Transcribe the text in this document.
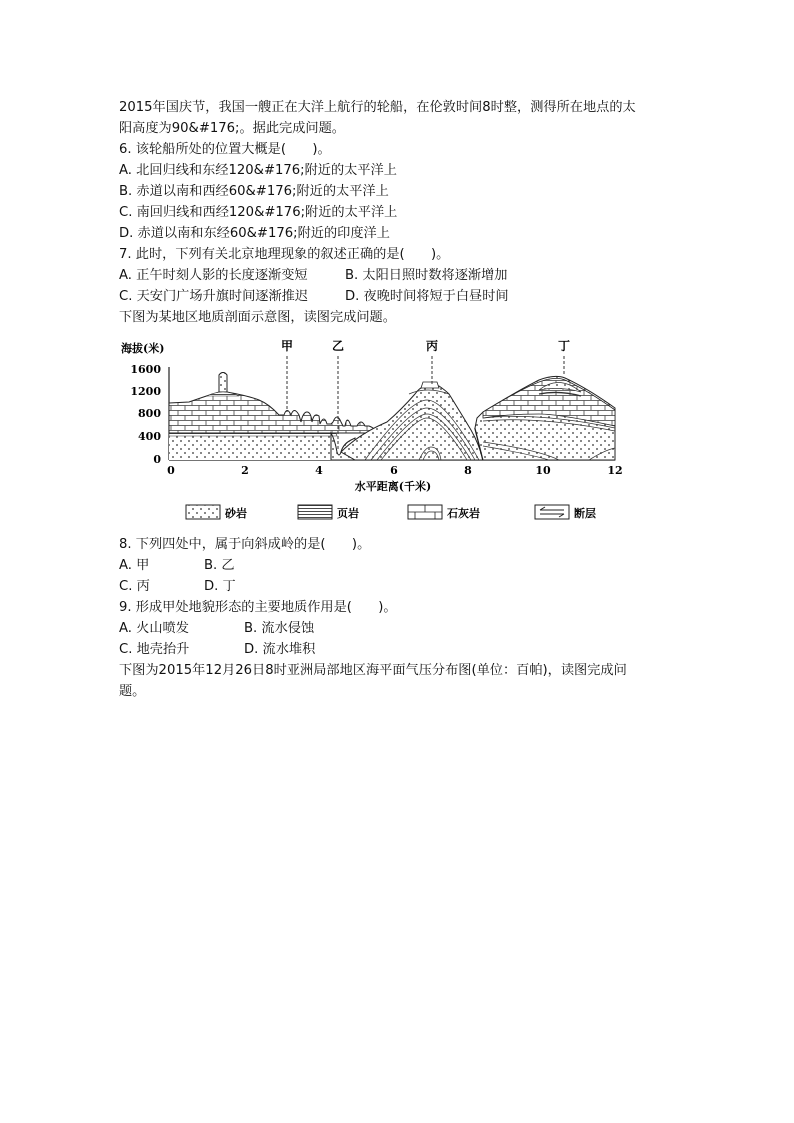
2015年国庆节，我国一艘正在大洋上航行的轮船，在伦敦时间8时整，测得所在地点的太
阳高度为90&#176;。据此完成问题。
6. 该轮船所处的位置大概是(　　)。
A. 北回归线和东经120&#176;附近的太平洋上
B. 赤道以南和西经60&#176;附近的太平洋上
C. 南回归线和西经120&#176;附近的太平洋上
D. 赤道以南和东经60&#176;附近的印度洋上
7. 此时，下列有关北京地理现象的叙述正确的是(　　)。
A. 正午时刻人影的长度逐渐变短	B. 太阳日照时数将逐渐增加
C. 天安门广场升旗时间逐渐推迟	D. 夜晚时间将短于白昼时间
下图为某地区地质剖面示意图，读图完成问题。
海拔(米)
1600
1200
800
400
0
甲	乙	丙	丁
0	2	4	6	8	10	12
水平距离(千米)
砂岩	页岩	石灰岩	断层
8. 下列四处中，属于向斜成岭的是(　　)。
A. 甲	B. 乙
C. 丙	D. 丁
9. 形成甲处地貌形态的主要地质作用是(　　)。
A. 火山喷发	B. 流水侵蚀
C. 地壳抬升	D. 流水堆积
下图为2015年12月26日8时亚洲局部地区海平面气压分布图(单位：百帕)，读图完成问
题。
